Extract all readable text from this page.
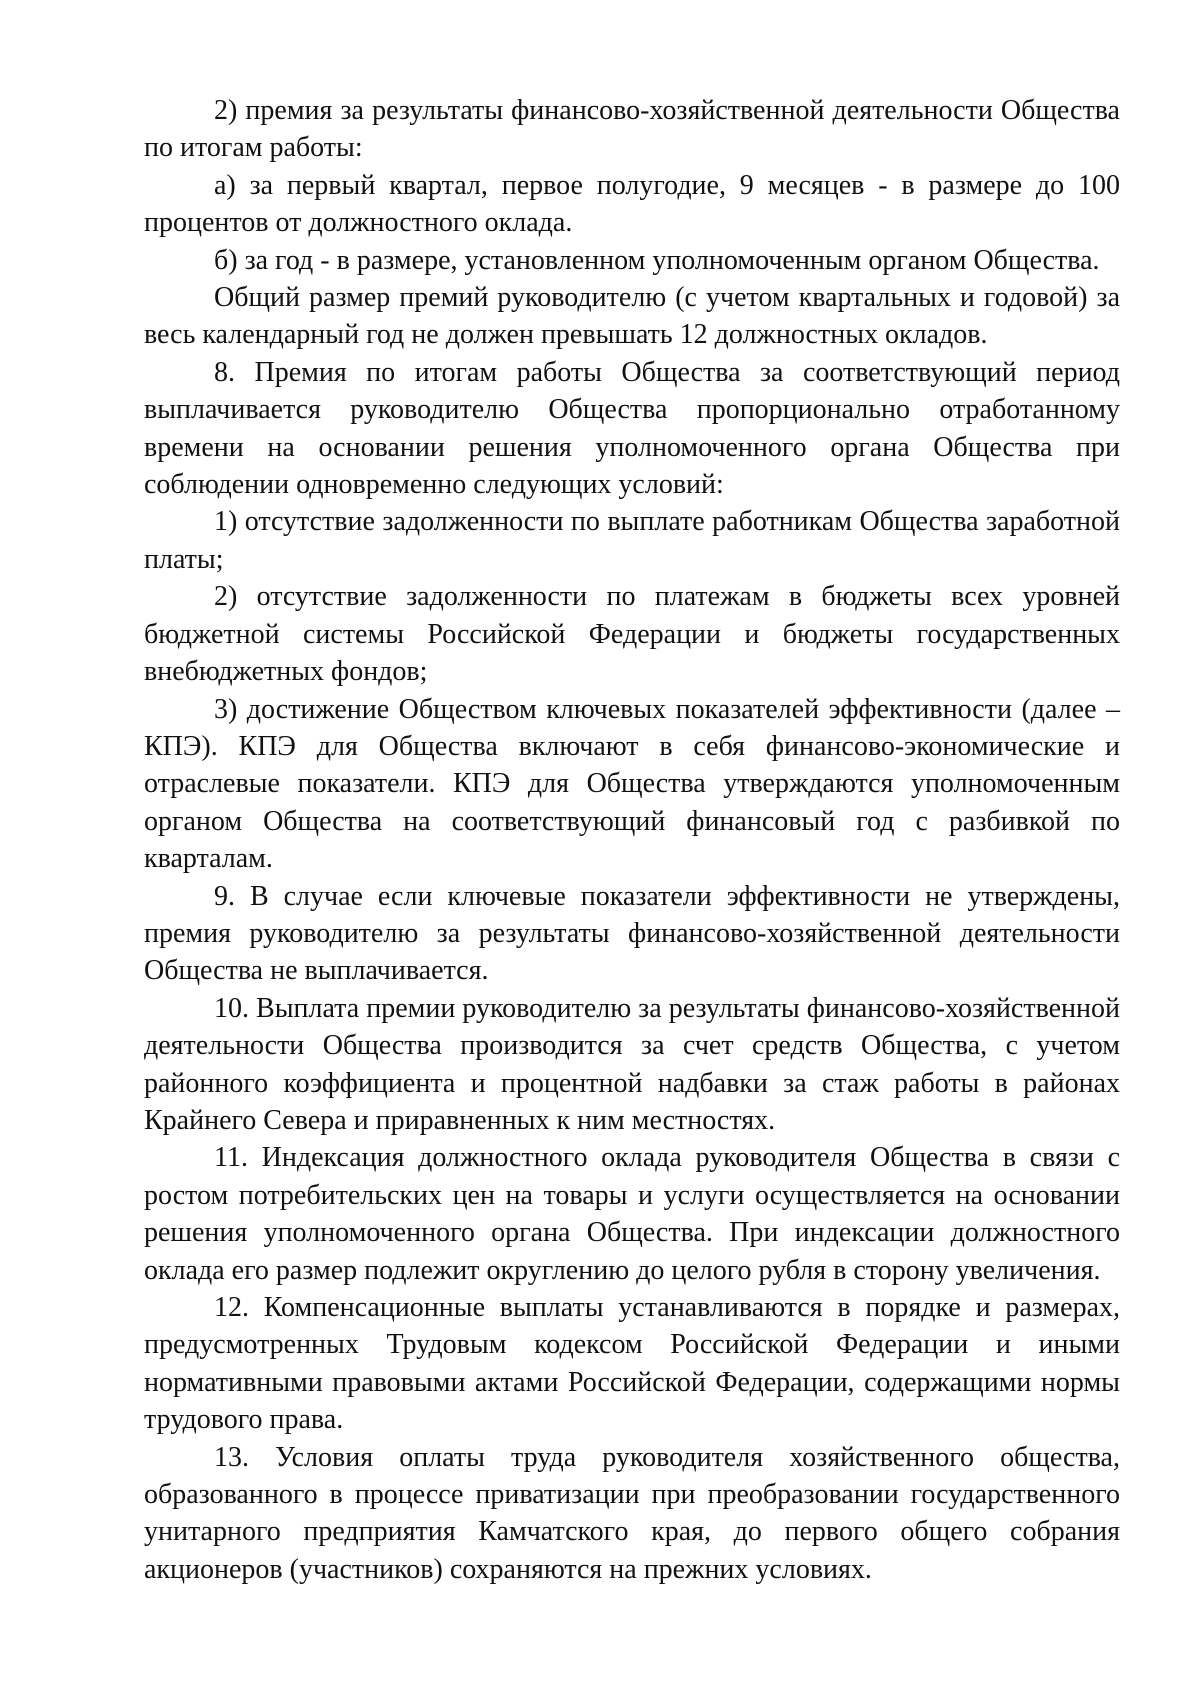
2) премия за результаты финансово-хозяйственной деятельности Общества по итогам работы:

а) за первый квартал, первое полугодие, 9 месяцев - в размере до 100 процентов от должностного оклада.

б) за год - в размере, установленном уполномоченным органом Общества.

Общий размер премий руководителю (с учетом квартальных и годовой) за весь календарный год не должен превышать 12 должностных окладов.

8. Премия по итогам работы Общества за соответствующий период выплачивается руководителю Общества пропорционально отработанному времени на основании решения уполномоченного органа Общества при соблюдении одновременно следующих условий:

1) отсутствие задолженности по выплате работникам Общества заработной платы;

2) отсутствие задолженности по платежам в бюджеты всех уровней бюджетной системы Российской Федерации и бюджеты государственных внебюджетных фондов;

3) достижение Обществом ключевых показателей эффективности (далее – КПЭ). КПЭ для Общества включают в себя финансово-экономические и отраслевые показатели. КПЭ для Общества утверждаются уполномоченным органом Общества на соответствующий финансовый год с разбивкой по кварталам.

9. В случае если ключевые показатели эффективности не утверждены, премия руководителю за результаты финансово-хозяйственной деятельности Общества не выплачивается.

10. Выплата премии руководителю за результаты финансово-хозяйственной деятельности Общества производится за счет средств Общества, с учетом районного коэффициента и процентной надбавки за стаж работы в районах Крайнего Севера и приравненных к ним местностях.

11. Индексация должностного оклада руководителя Общества в связи с ростом потребительских цен на товары и услуги осуществляется на основании решения уполномоченного органа Общества. При индексации должностного оклада его размер подлежит округлению до целого рубля в сторону увеличения.

12. Компенсационные выплаты устанавливаются в порядке и размерах, предусмотренных Трудовым кодексом Российской Федерации и иными нормативными правовыми актами Российской Федерации, содержащими нормы трудового права.

13. Условия оплаты труда руководителя хозяйственного общества, образованного в процессе приватизации при преобразовании государственного унитарного предприятия Камчатского края, до первого общего собрания акционеров (участников) сохраняются на прежних условиях.
